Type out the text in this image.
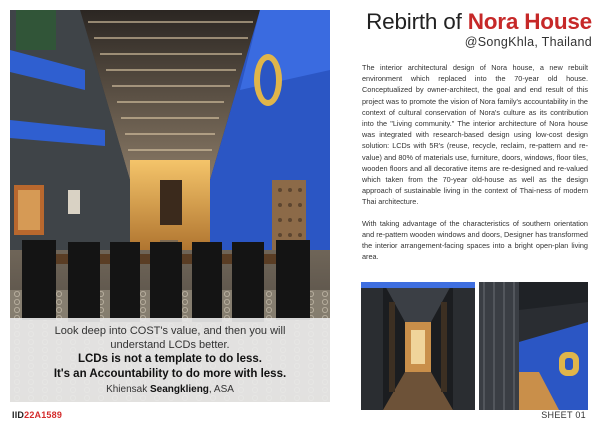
Look deep into COST's value, and then you will
understand LCDs better.
LCDs is not a template to do less.
It's an Accountability to do more with less.
Khiensak Seangklieng, ASA
IID22A1589	SHEET 01
Rebirth of Nora House
@SongKhla, Thailand

The interior architectural design of Nora house, a new rebuilt environment which replaced into the 70-year old house. Conceptualized by owner-architect, the goal and end result of this project was to promote the vision of Nora family's accountability in the context of cultural conservation of Nora's culture as its contribution into the "Living community." The interior architecture of Nora house was integrated with research-based design using low-cost design solution: LCDs with 5R's (reuse, recycle, reclaim, re-pattern and re-value) and 80% of materials use, furniture, doors, windows, floor tiles, wooden floors and all decorative items are re-designed and re-valued which taken from the 70-year old-house as well as the design approach of sustainable living in the context of Thai-ness of modern Thai architecture.

With taking advantage of the characteristics of southern orientation and re-pattern wooden windows and doors, Designer has transformed the interior arrangement-facing spaces into a bright open-plan living area.
